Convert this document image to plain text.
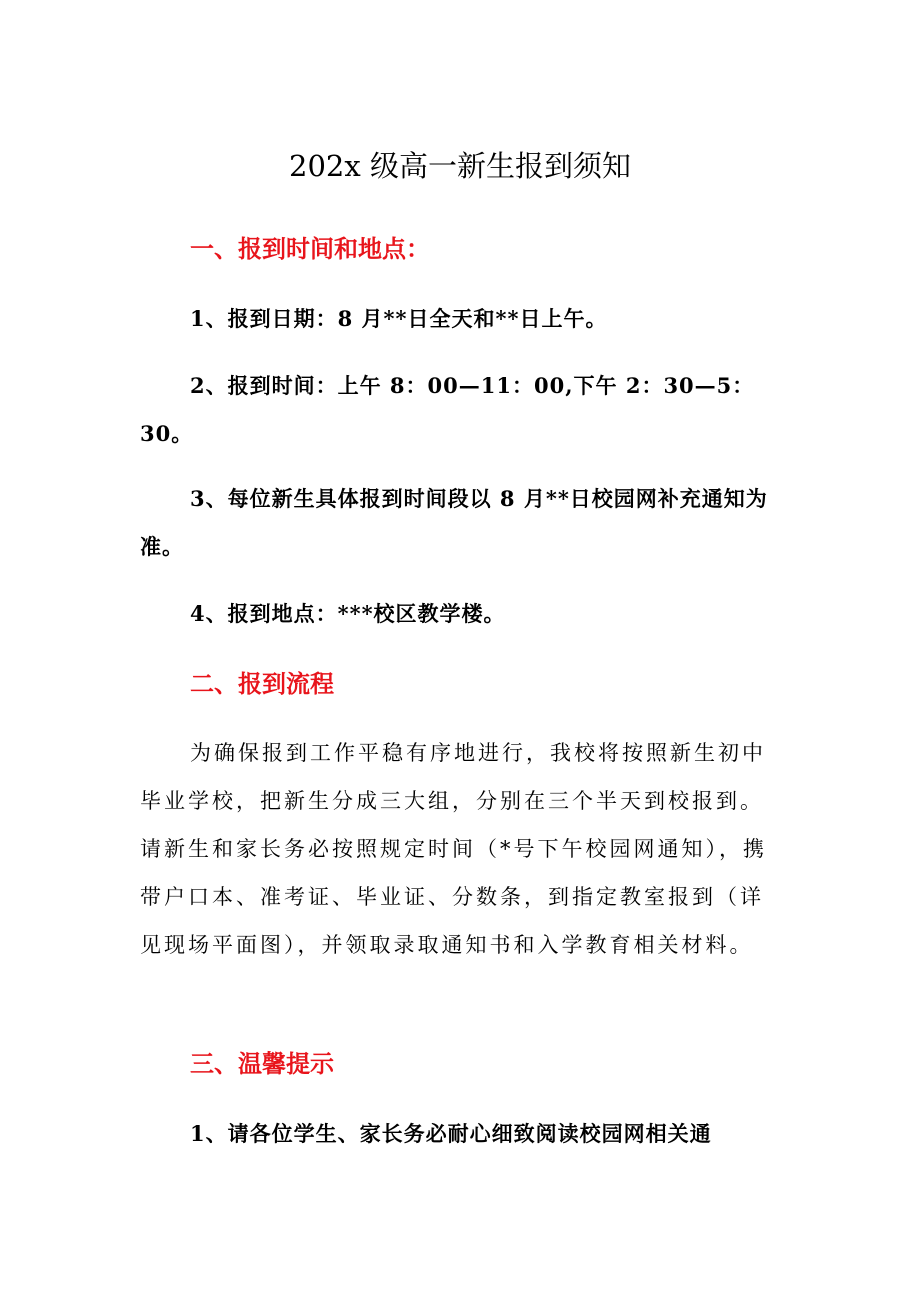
202x 级高一新生报到须知
一、报到时间和地点：

1、报到日期：8 月**日全天和**日上午。

2、报到时间：上午 8：00—11：00,下午 2：30—5：30。

3、每位新生具体报到时间段以 8 月**日校园网补充通知为准。

4、报到地点：***校区教学楼。

二、报到流程

为确保报到工作平稳有序地进行，我校将按照新生初中毕业学校，把新生分成三大组，分别在三个半天到校报到。请新生和家长务必按照规定时间（*号下午校园网通知），携带户口本、准考证、毕业证、分数条，到指定教室报到（详见现场平面图），并领取录取通知书和入学教育相关材料。

三、温馨提示

1、请各位学生、家长务必耐心细致阅读校园网相关通
